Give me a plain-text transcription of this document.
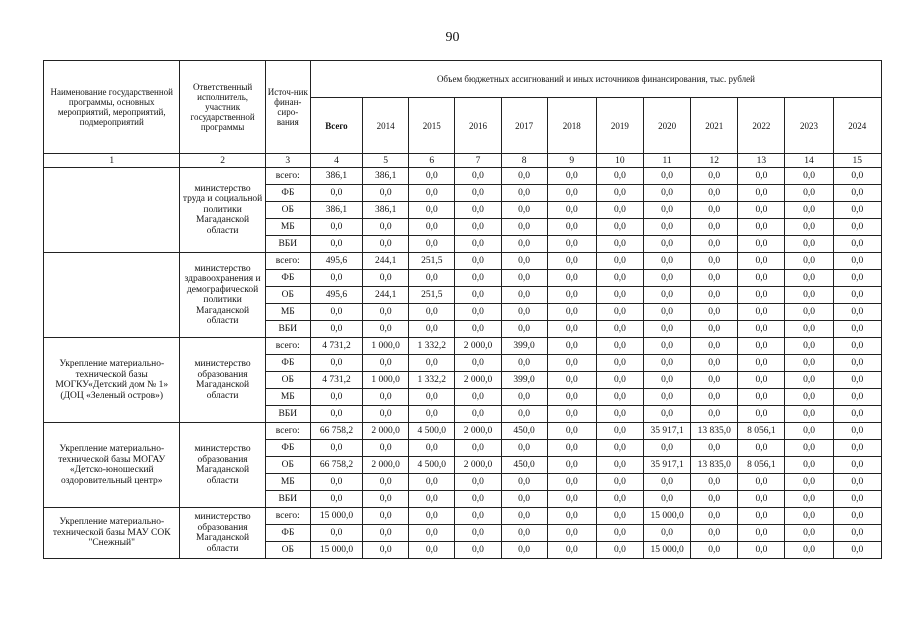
90
Наименование государственной программы, основных мероприятий, мероприятий, подмероприятий	Ответственный исполнитель, участник государственной программы	Источ-ник финан-сиро-вания	Объем бюджетных ассигнований и иных источников финансирования, тыс. рублей											
			Всего	2014	2015	2016	2017	2018	2019	2020	2021	2022	2023	2024
1	2	3	4	5	6	7	8	9	10	11	12	13	14	15
	министерство труда и социальной политики Магаданской области	всего:	386,1	386,1	0,0	0,0	0,0	0,0	0,0	0,0	0,0	0,0	0,0	0,0
		ФБ	0,0	0,0	0,0	0,0	0,0	0,0	0,0	0,0	0,0	0,0	0,0	0,0
		ОБ	386,1	386,1	0,0	0,0	0,0	0,0	0,0	0,0	0,0	0,0	0,0	0,0
		МБ	0,0	0,0	0,0	0,0	0,0	0,0	0,0	0,0	0,0	0,0	0,0	0,0
		ВБИ	0,0	0,0	0,0	0,0	0,0	0,0	0,0	0,0	0,0	0,0	0,0	0,0
	министерство здравоохранения и демографической политики Магаданской области	всего:	495,6	244,1	251,5	0,0	0,0	0,0	0,0	0,0	0,0	0,0	0,0	0,0
		ФБ	0,0	0,0	0,0	0,0	0,0	0,0	0,0	0,0	0,0	0,0	0,0	0,0
		ОБ	495,6	244,1	251,5	0,0	0,0	0,0	0,0	0,0	0,0	0,0	0,0	0,0
		МБ	0,0	0,0	0,0	0,0	0,0	0,0	0,0	0,0	0,0	0,0	0,0	0,0
		ВБИ	0,0	0,0	0,0	0,0	0,0	0,0	0,0	0,0	0,0	0,0	0,0	0,0
Укрепление материально-технической базы МОГКУ«Детский дом № 1» (ДОЦ «Зеленый остров»)	министерство образования Магаданской области	всего:	4 731,2	1 000,0	1 332,2	2 000,0	399,0	0,0	0,0	0,0	0,0	0,0	0,0	0,0
		ФБ	0,0	0,0	0,0	0,0	0,0	0,0	0,0	0,0	0,0	0,0	0,0	0,0
		ОБ	4 731,2	1 000,0	1 332,2	2 000,0	399,0	0,0	0,0	0,0	0,0	0,0	0,0	0,0
		МБ	0,0	0,0	0,0	0,0	0,0	0,0	0,0	0,0	0,0	0,0	0,0	0,0
		ВБИ	0,0	0,0	0,0	0,0	0,0	0,0	0,0	0,0	0,0	0,0	0,0	0,0
Укрепление материально-технической базы МОГАУ «Детско-юношеский оздоровительный центр»	министерство образования Магаданской области	всего:	66 758,2	2 000,0	4 500,0	2 000,0	450,0	0,0	0,0	35 917,1	13 835,0	8 056,1	0,0	0,0
		ФБ	0,0	0,0	0,0	0,0	0,0	0,0	0,0	0,0	0,0	0,0	0,0	0,0
		ОБ	66 758,2	2 000,0	4 500,0	2 000,0	450,0	0,0	0,0	35 917,1	13 835,0	8 056,1	0,0	0,0
		МБ	0,0	0,0	0,0	0,0	0,0	0,0	0,0	0,0	0,0	0,0	0,0	0,0
		ВБИ	0,0	0,0	0,0	0,0	0,0	0,0	0,0	0,0	0,0	0,0	0,0	0,0
Укрепление материально-технической базы МАУ СОК "Снежный"	министерство образования Магаданской области	всего:	15 000,0	0,0	0,0	0,0	0,0	0,0	0,0	15 000,0	0,0	0,0	0,0	0,0
		ФБ	0,0	0,0	0,0	0,0	0,0	0,0	0,0	0,0	0,0	0,0	0,0	0,0
		ОБ	15 000,0	0,0	0,0	0,0	0,0	0,0	0,0	15 000,0	0,0	0,0	0,0	0,0
